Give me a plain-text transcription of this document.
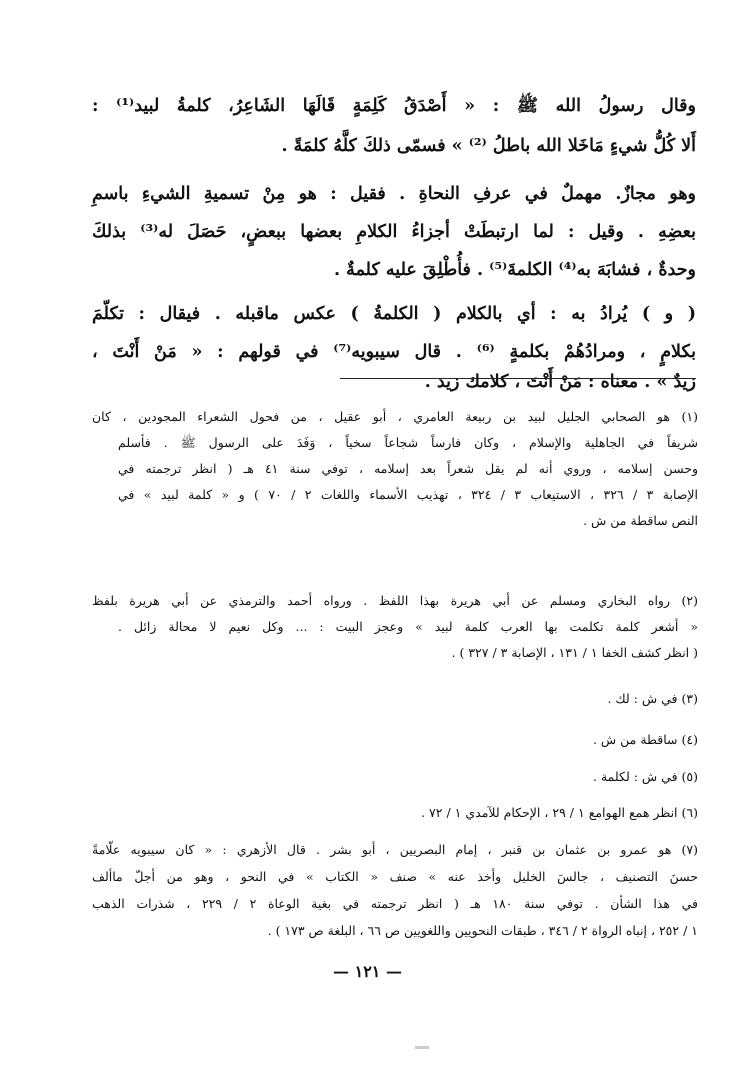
وقال رسولُ الله ﷺ : « أَصْدَقُ كَلِمَةٍ قَالَهَا الشَاعِرُ، كلمةُ لبيد⁽¹⁾ :
أَلا كُلُّ شيءٍ مَاخَلا الله باطلُ ⁽²⁾ » فسمّى ذلكَ كلَّهُ كلمَةً .
وهو مجازٌ. مهملٌ في عرفِ النحاةِ . فقيل : هو مِنْ تسميةِ الشيءِ باسمِ
بعضِهِ . وقيل : لما ارتبطَتْ أجزاءُ الكلامِ بعضها ببعضٍ، حَصَلَ له⁽³⁾ بذلكَ
وحدةٌ ، فشابَهَ به⁽⁴⁾ الكلمةَ⁽⁵⁾ . فأُطْلِقَ عليه كلمةٌ .
( و ) يُرادُ به : أي بالكلام ( الكلمةُ ) عكس ماقبله . فيقال : تكلّمَ
بكلامٍ ، ومرادُهُمْ بكلمةٍ ⁽⁶⁾ . قال سيبويه⁽⁷⁾ في قولهم : « مَنْ أَنْتَ ،
زيدٌ » . معناه : مَنْ أَنْتَ ، كلامك زيد .
(١) هو الصحابي الجليل لبيد بن ربيعة العامري ، أبو عقيل ، من فحول الشعراء المجودين ، كان
شريفاً في الجاهلية والإسلام ، وكان فارساً شجاعاً سخياً ، وَفَدَ على الرسول ﷺ . فأسلم
وحسن إسلامه ، وروي أنه لم يقل شعراً بعد إسلامه ، توفي سنة ٤١ هـ ( انظر ترجمته في
الإصابة ٣ / ٣٢٦ ، الاستيعاب ٣ / ٣٢٤ ، تهذيب الأسماء واللغات ٢ / ٧٠ ) و « كلمة لبيد » في
النص ساقطة من ش .
(٢) رواه البخاري ومسلم عن أبي هريرة بهذا اللفظ . ورواه أحمد والترمذي عن أبي هريرة بلفظ
« أشعر كلمة تكلمت بها العرب كلمة لبيد » وعجز البيت : ... وكل نعيم لا محالة زائل .
( انظر كشف الخفا ١ / ١٣١ ، الإصابة ٣ / ٣٢٧ ) .
(٣) في ش : لك .
(٤) ساقطة من ش .
(٥) في ش : لكلمة .
(٦) انظر همع الهوامع ١ / ٢٩ ، الإحكام للآمدي ١ / ٧٢ .
(٧) هو عمرو بن عثمان بن قنبر ، إمام البصريين ، أبو بشر . قال الأزهري : « كان سيبويه علّامةً
حسنَ التصنيف ، جالسَ الخليل وأخذ عنه » صنف « الكتاب » في النحو ، وهو من أجلّ ماألف
في هذا الشأن . توفي سنة ١٨٠ هـ ( انظر ترجمته في بغية الوعاة ٢ / ٢٢٩ ، شذرات الذهب
١ / ٢٥٢ ، إنباه الرواة ٢ / ٣٤٦ ، طبقات النحويين واللغويين ص ٦٦ ، البلغة ص ١٧٣ ) .
— ١٢١ —
